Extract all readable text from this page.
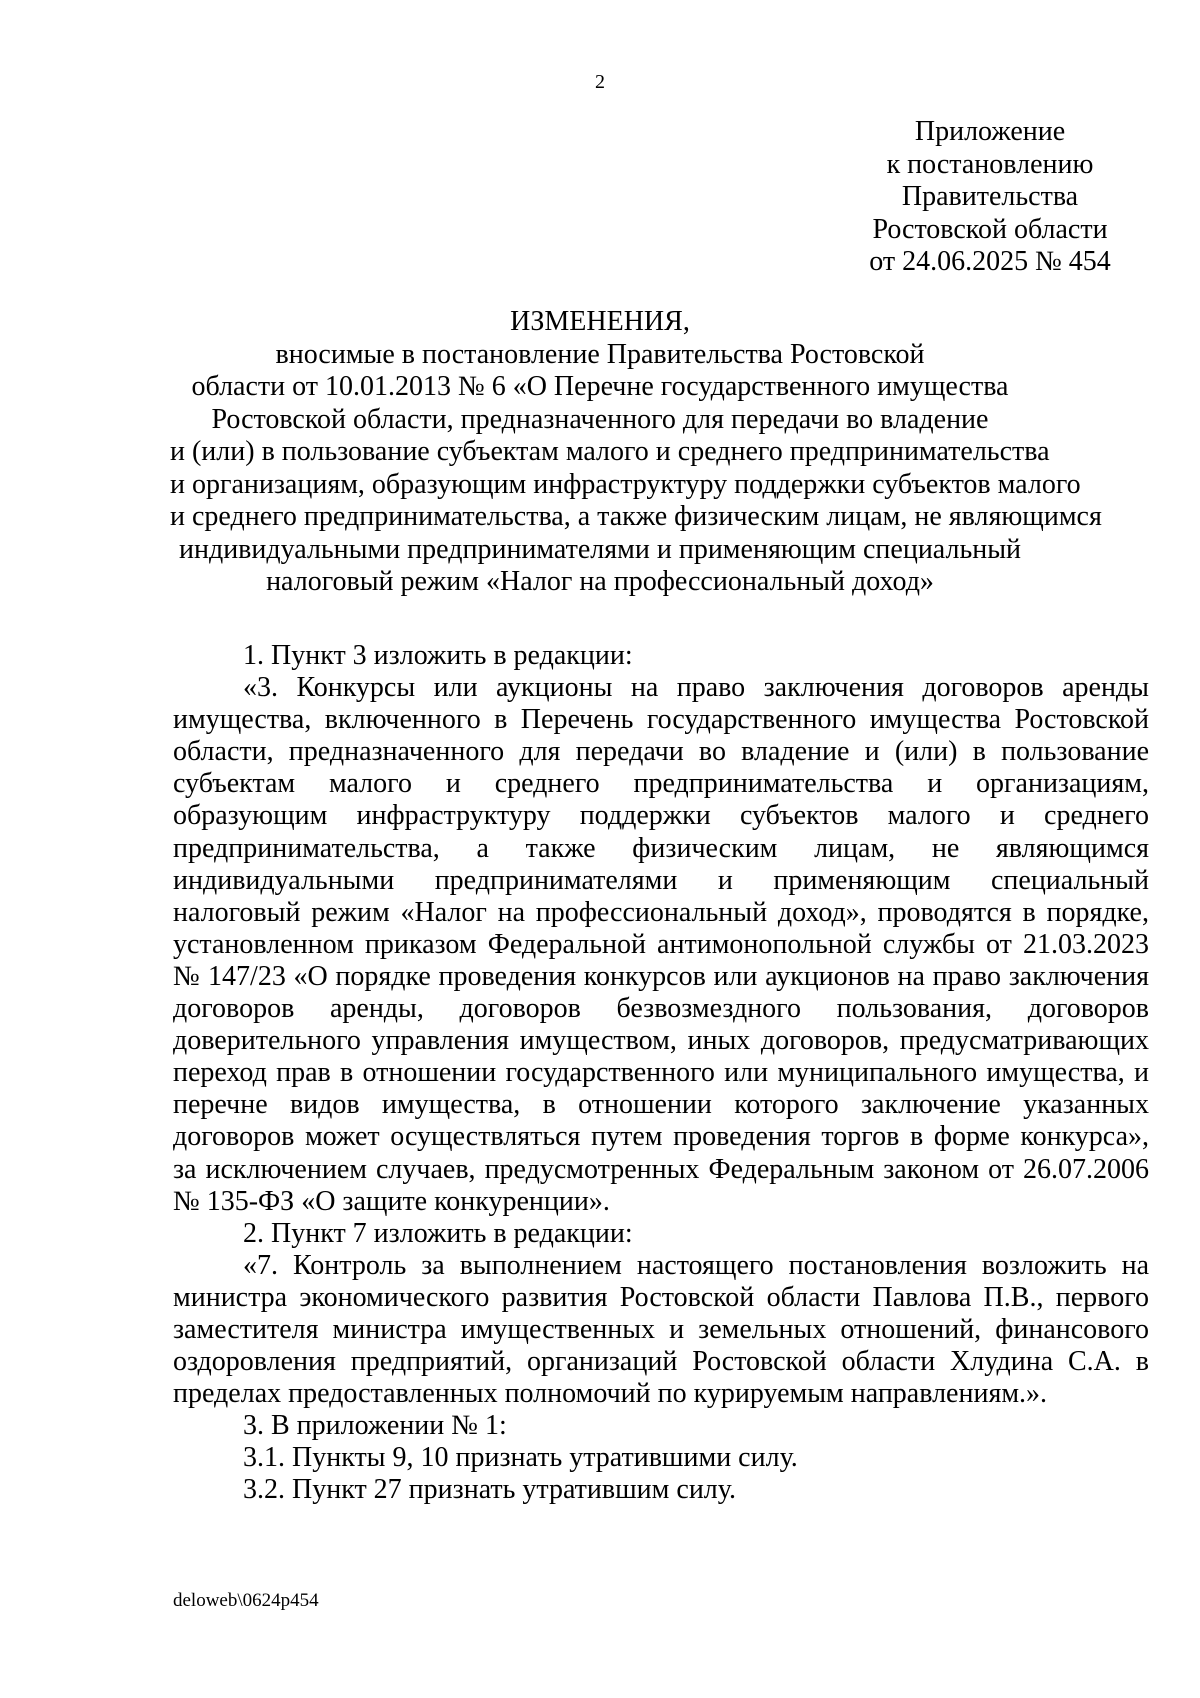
2

Приложение
к постановлению
Правительства
Ростовской области
от 24.06.2025 № 454
ИЗМЕНЕНИЯ,
вносимые в постановление Правительства Ростовской
области от 10.01.2013 № 6 «О Перечне государственного имущества
Ростовской области, предназначенного для передачи во владение
и (или) в пользование субъектам малого и среднего предпринимательства
и организациям, образующим инфраструктуру поддержки субъектов малого
и среднего предпринимательства, а также физическим лицам, не являющимся
индивидуальными предпринимателями и применяющим специальный
налоговый режим «Налог на профессиональный доход»

1. Пункт 3 изложить в редакции:

«3. Конкурсы или аукционы на право заключения договоров аренды имущества, включенного в Перечень государственного имущества Ростовской области, предназначенного для передачи во владение и (или) в пользование субъектам малого и среднего предпринимательства и организациям, образующим инфраструктуру поддержки субъектов малого и среднего предпринимательства, а также физическим лицам, не являющимся индивидуальными предпринимателями и применяющим специальный налоговый режим «Налог на профессиональный доход», проводятся в порядке, установленном приказом Федеральной антимонопольной службы от 21.03.2023 № 147/23 «О порядке проведения конкурсов или аукционов на право заключения договоров аренды, договоров безвозмездного пользования, договоров доверительного управления имуществом, иных договоров, предусматривающих переход прав в отношении государственного или муниципального имущества, и перечне видов имущества, в отношении которого заключение указанных договоров может осуществляться путем проведения торгов в форме конкурса», за исключением случаев, предусмотренных Федеральным законом от 26.07.2006 № 135-ФЗ «О защите конкуренции».

2. Пункт 7 изложить в редакции:

«7. Контроль за выполнением настоящего постановления возложить на министра экономического развития Ростовской области Павлова П.В., первого заместителя министра имущественных и земельных отношений, финансового оздоровления предприятий, организаций Ростовской области Хлудина С.А. в пределах предоставленных полномочий по курируемым направлениям.».

3. В приложении № 1:

3.1. Пункты 9, 10 признать утратившими силу.

3.2. Пункт 27 признать утратившим силу.

deloweb\0624p454
